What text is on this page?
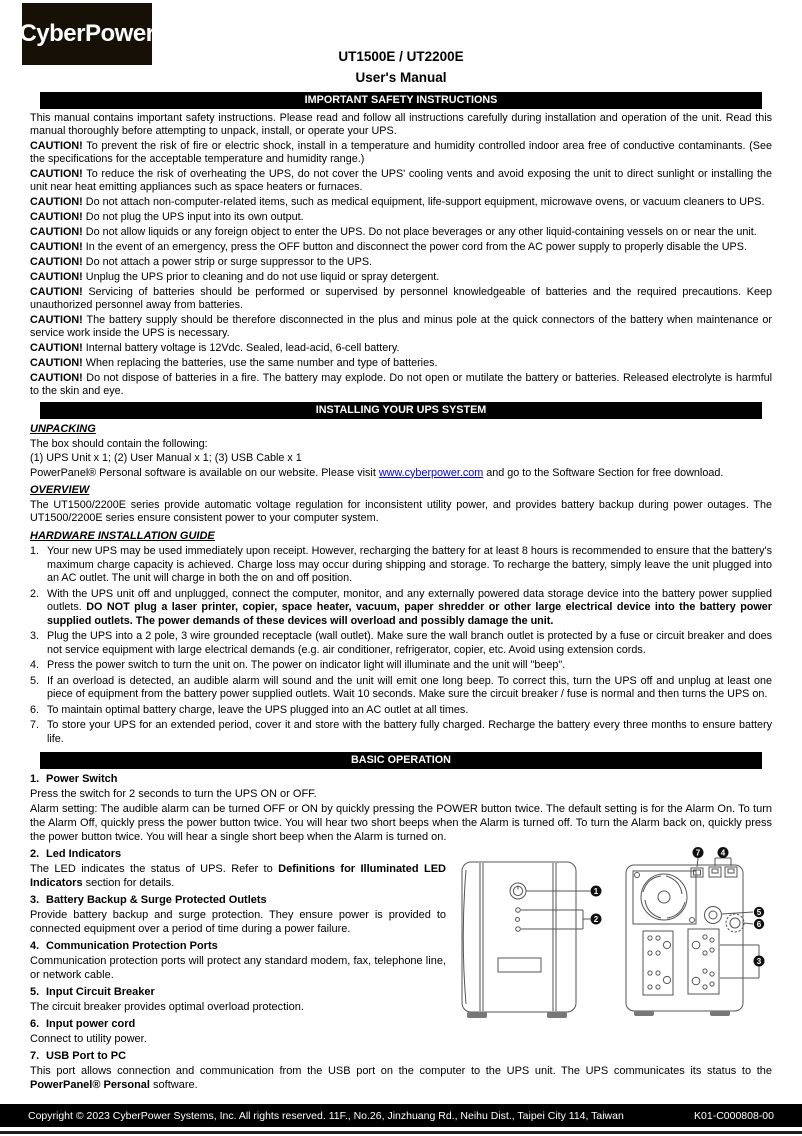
CyberPower
UT1500E / UT2200E
User's Manual
IMPORTANT SAFETY INSTRUCTIONS

This manual contains important safety instructions. Please read and follow all instructions carefully during installation and operation of the unit. Read this manual thoroughly before attempting to unpack, install, or operate your UPS.

CAUTION! To prevent the risk of fire or electric shock, install in a temperature and humidity controlled indoor area free of conductive contaminants. (See the specifications for the acceptable temperature and humidity range.)

CAUTION! To reduce the risk of overheating the UPS, do not cover the UPS' cooling vents and avoid exposing the unit to direct sunlight or installing the unit near heat emitting appliances such as space heaters or furnaces.

CAUTION! Do not attach non-computer-related items, such as medical equipment, life-support equipment, microwave ovens, or vacuum cleaners to UPS.

CAUTION! Do not plug the UPS input into its own output.

CAUTION! Do not allow liquids or any foreign object to enter the UPS. Do not place beverages or any other liquid-containing vessels on or near the unit.

CAUTION! In the event of an emergency, press the OFF button and disconnect the power cord from the AC power supply to properly disable the UPS.

CAUTION! Do not attach a power strip or surge suppressor to the UPS.

CAUTION! Unplug the UPS prior to cleaning and do not use liquid or spray detergent.

CAUTION! Servicing of batteries should be performed or supervised by personnel knowledgeable of batteries and the required precautions. Keep unauthorized personnel away from batteries.

CAUTION! The battery supply should be therefore disconnected in the plus and minus pole at the quick connectors of the battery when maintenance or service work inside the UPS is necessary.

CAUTION! Internal battery voltage is 12Vdc. Sealed, lead-acid, 6-cell battery.

CAUTION! When replacing the batteries, use the same number and type of batteries.

CAUTION! Do not dispose of batteries in a fire. The battery may explode. Do not open or mutilate the battery or batteries. Released electrolyte is harmful to the skin and eye.

INSTALLING YOUR UPS SYSTEM
UNPACKING

The box should contain the following:

(1) UPS Unit x 1; (2) User Manual x 1; (3) USB Cable x 1

PowerPanel® Personal software is available on our website. Please visit www.cyberpower.com and go to the Software Section for free download.

OVERVIEW

The UT1500/2200E series provide automatic voltage regulation for inconsistent utility power, and provides battery backup during power outages. The UT1500/2200E series ensure consistent power to your computer system.

HARDWARE INSTALLATION GUIDE
1. Your new UPS may be used immediately upon receipt. However, recharging the battery for at least 8 hours is recommended to ensure that the battery's maximum charge capacity is achieved. Charge loss may occur during shipping and storage. To recharge the battery, simply leave the unit plugged into an AC outlet. The unit will charge in both the on and off position.
2. With the UPS unit off and unplugged, connect the computer, monitor, and any externally powered data storage device into the battery power supplied outlets. DO NOT plug a laser printer, copier, space heater, vacuum, paper shredder or other large electrical device into the battery power supplied outlets. The power demands of these devices will overload and possibly damage the unit.
3. Plug the UPS into a 2 pole, 3 wire grounded receptacle (wall outlet). Make sure the wall branch outlet is protected by a fuse or circuit breaker and does not service equipment with large electrical demands (e.g. air conditioner, refrigerator, copier, etc. Avoid using extension cords.
4. Press the power switch to turn the unit on. The power on indicator light will illuminate and the unit will "beep".
5. If an overload is detected, an audible alarm will sound and the unit will emit one long beep. To correct this, turn the UPS off and unplug at least one piece of equipment from the battery power supplied outlets. Wait 10 seconds. Make sure the circuit breaker / fuse is normal and then turns the UPS on.
6. To maintain optimal battery charge, leave the UPS plugged into an AC outlet at all times.
7. To store your UPS for an extended period, cover it and store with the battery fully charged. Recharge the battery every three months to ensure battery life.
BASIC OPERATION
1. Power Switch

Press the switch for 2 seconds to turn the UPS ON or OFF.

Alarm setting: The audible alarm can be turned OFF or ON by quickly pressing the POWER button twice. The default setting is for the Alarm On. To turn the Alarm Off, quickly press the power button twice. You will hear two short beeps when the Alarm is turned off. To turn the Alarm back on, quickly press the power button twice. You will hear a single short beep when the Alarm is turned on.

2. Led Indicators

The LED indicates the status of UPS. Refer to Definitions for Illuminated LED Indicators section for details.

3. Battery Backup & Surge Protected Outlets

Provide battery backup and surge protection. They ensure power is provided to connected equipment over a period of time during a power failure.

4. Communication Protection Ports

Communication protection ports will protect any standard modem, fax, telephone line, or network cable.

5. Input Circuit Breaker

The circuit breaker provides optimal overload protection.

6. Input power cord

Connect to utility power.

1
2
3
4
5
6
7
7. USB Port to PC

This port allows connection and communication from the USB port on the computer to the UPS unit. The UPS communicates its status to the PowerPanel® Personal software.

Copyright © 2023 CyberPower Systems, Inc. All rights reserved. 11F., No.26, Jinzhuang Rd., Neihu Dist., Taipei City 114, Taiwan	K01-C000808-00
